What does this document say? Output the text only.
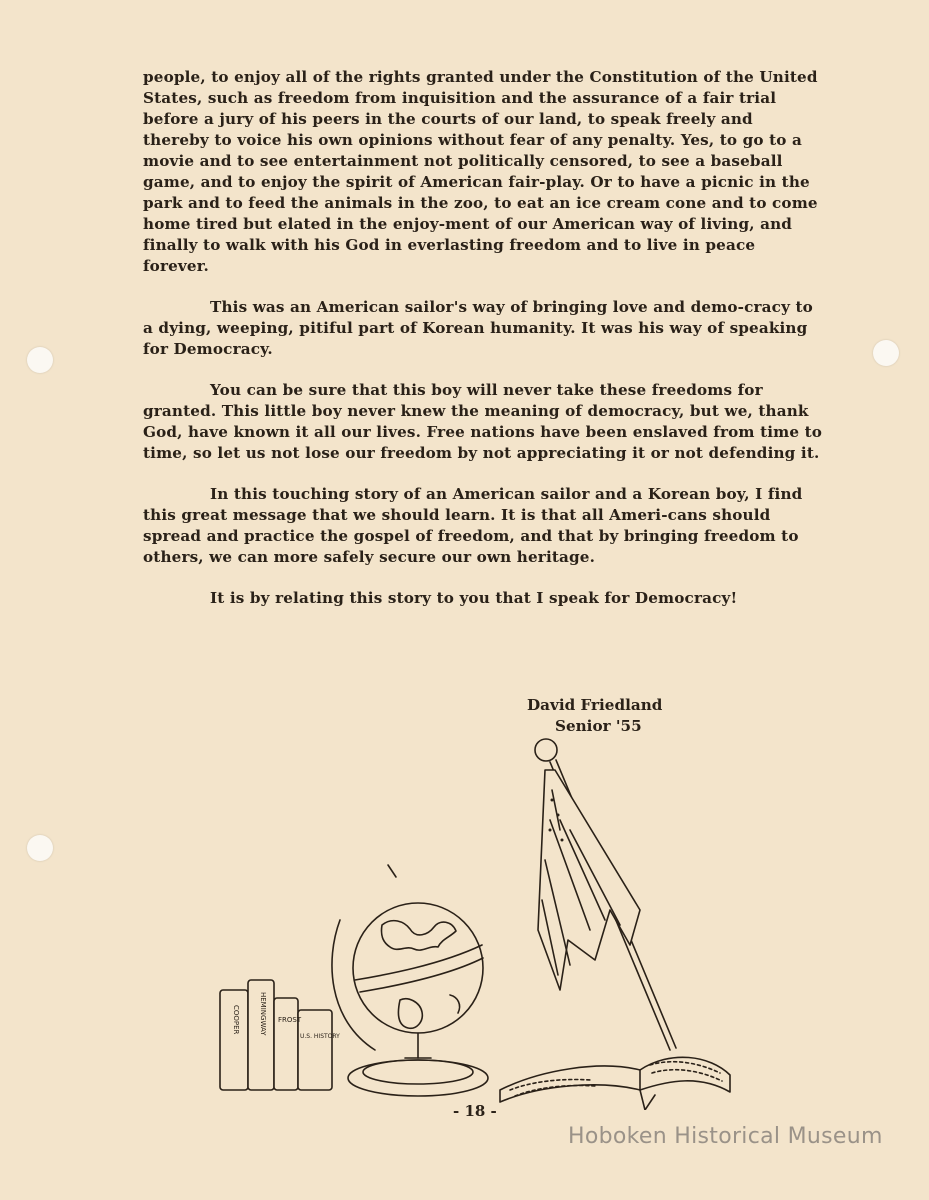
people, to enjoy all of the rights granted under the Constitution of the United States, such as freedom from inquisition and the assurance of a fair trial before a jury of his peers in the courts of our land, to speak freely and thereby to voice his own opinions without fear of any penalty. Yes, to go to a movie and to see entertainment not politically censored, to see a baseball game, and to enjoy the spirit of American fair-play. Or to have a picnic in the park and to feed the animals in the zoo, to eat an ice cream cone and to come home tired but elated in the enjoy-ment of our American way of living, and finally to walk with his God in everlasting freedom and to live in peace forever.

This was an American sailor's way of bringing love and demo-cracy to a dying, weeping, pitiful part of Korean humanity. It was his way of speaking for Democracy.

You can be sure that this boy will never take these freedoms for granted. This little boy never knew the meaning of democracy, but we, thank God, have known it all our lives. Free nations have been enslaved from time to time, so let us not lose our freedom by not appreciating it or not defending it.

In this touching story of an American sailor and a Korean boy, I find this great message that we should learn. It is that all Ameri-cans should spread and practice the gospel of freedom, and that by bringing freedom to others, we can more safely secure our own heritage.

It is by relating this story to you that I speak for Democracy!

David Friedland
Senior '55
COOPER	HEMINGWAY FROST
U.S. HISTORY
- 18 -
Hoboken Historical Museum
